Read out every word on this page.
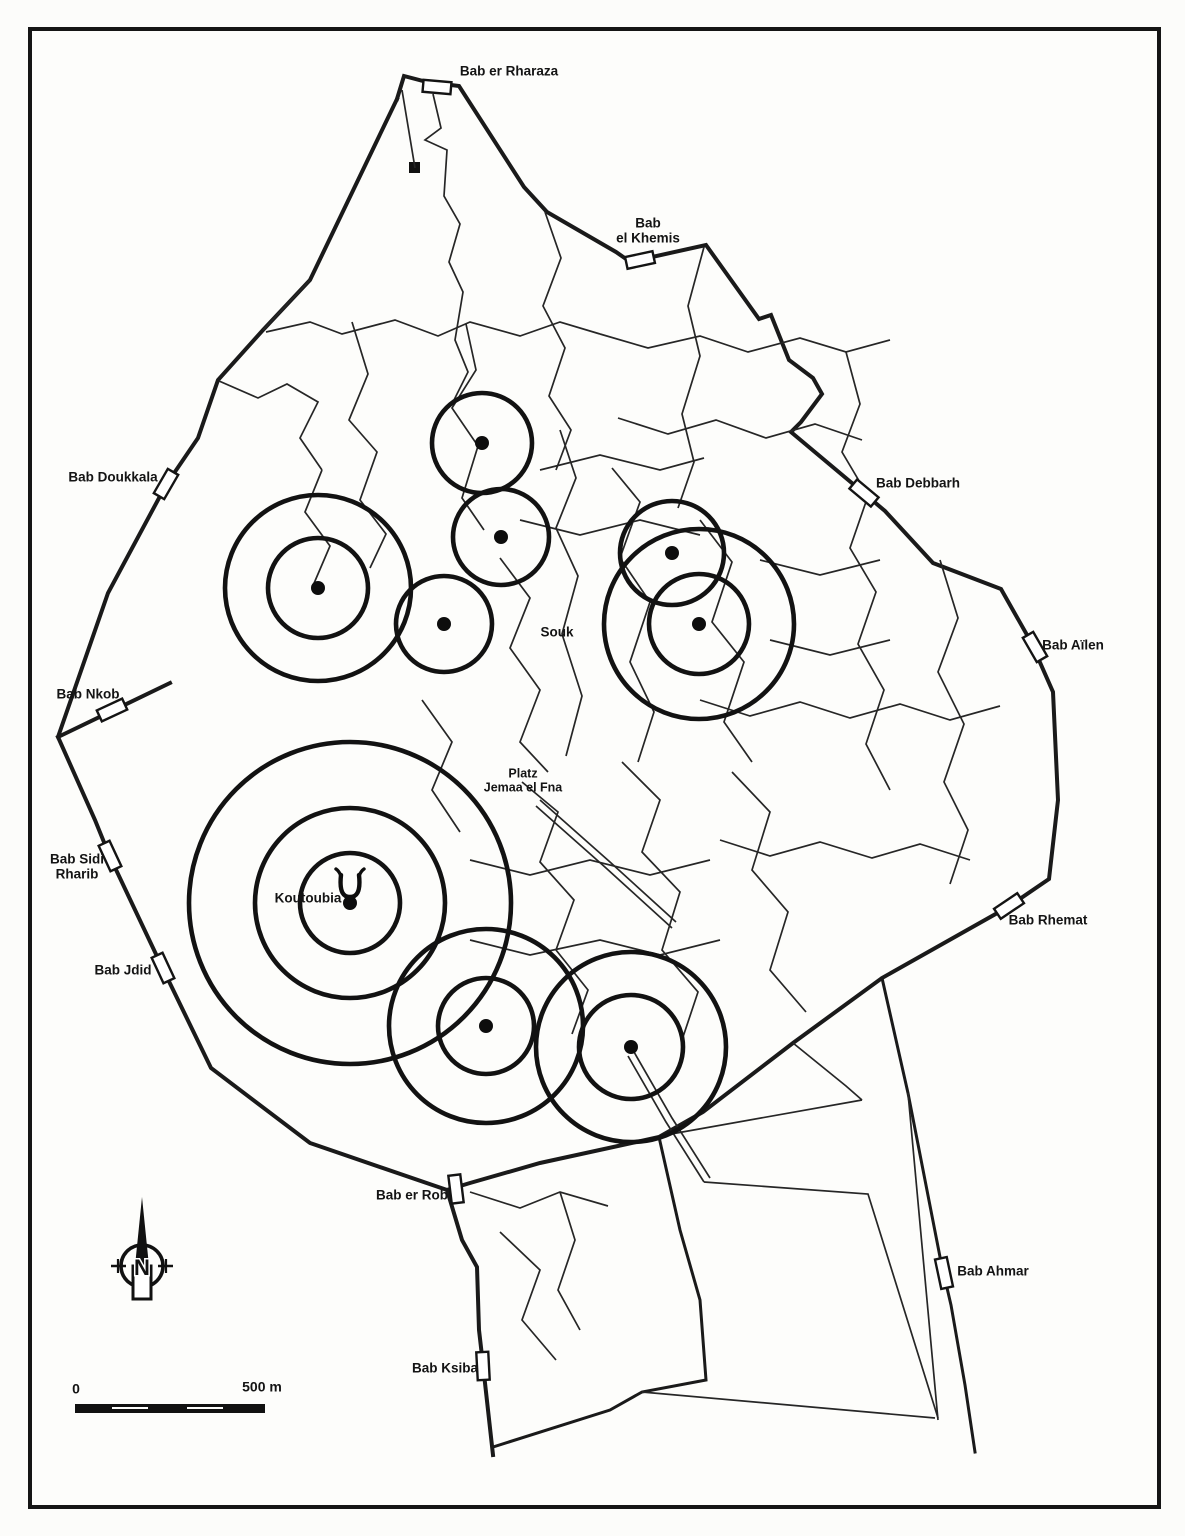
N
Bab er Rharaza
Bab
el Khemis
Bab Doukkala	Bab Debbarh
Bab Aïlen
Bab Nkob
Bab Sidi
Rharib
Bab Jdid
Bab Rhemat
Bab Ahmar
Bab er Rob
Bab Ksiba
Souk
Platz
Jemaa el Fna
Koutoubia
0	500 m
